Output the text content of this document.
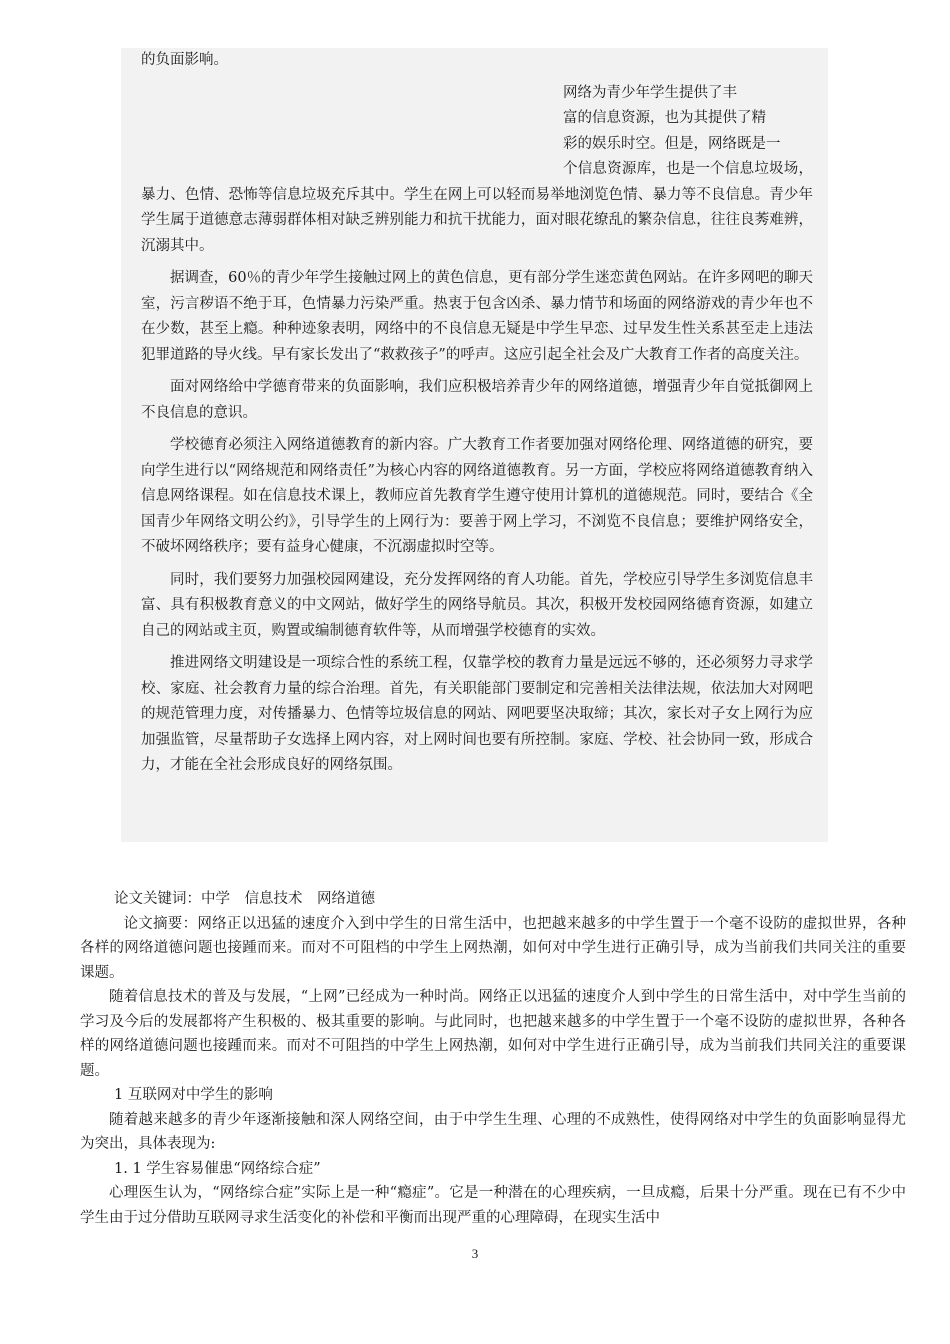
的负面影响。

网络为青少年学生提供了丰
富的信息资源，也为其提供了精
彩的娱乐时空。但是，网络既是一
个信息资源库，也是一个信息垃圾场，暴力、色情、恐怖等信息垃圾充斥其中。学生在网上可以轻而易举地浏览色情、暴力等不良信息。青少年学生属于道德意志薄弱群体相对缺乏辨别能力和抗干扰能力，面对眼花缭乱的繁杂信息，往往良莠难辨，沉溺其中。

据调查，60％的青少年学生接触过网上的黄色信息，更有部分学生迷恋黄色网站。在许多网吧的聊天室，污言秽语不绝于耳，色情暴力污染严重。热衷于包含凶杀、暴力情节和场面的网络游戏的青少年也不在少数，甚至上瘾。种种迹象表明，网络中的不良信息无疑是中学生早恋、过早发生性关系甚至走上违法犯罪道路的导火线。早有家长发出了“救救孩子”的呼声。这应引起全社会及广大教育工作者的高度关注。

面对网络给中学德育带来的负面影响，我们应积极培养青少年的网络道德，增强青少年自觉抵御网上不良信息的意识。

学校德育必须注入网络道德教育的新内容。广大教育工作者要加强对网络伦理、网络道德的研究，要向学生进行以“网络规范和网络责任”为核心内容的网络道德教育。另一方面，学校应将网络道德教育纳入信息网络课程。如在信息技术课上，教师应首先教育学生遵守使用计算机的道德规范。同时，要结合《全国青少年网络文明公约》，引导学生的上网行为：要善于网上学习，不浏览不良信息；要维护网络安全，不破坏网络秩序；要有益身心健康，不沉溺虚拟时空等。

同时，我们要努力加强校园网建设，充分发挥网络的育人功能。首先，学校应引导学生多浏览信息丰富、具有积极教育意义的中文网站，做好学生的网络导航员。其次，积极开发校园网络德育资源，如建立自己的网站或主页，购置或编制德育软件等，从而增强学校德育的实效。

推进网络文明建设是一项综合性的系统工程，仅靠学校的教育力量是远远不够的，还必须努力寻求学校、家庭、社会教育力量的综合治理。首先，有关职能部门要制定和完善相关法律法规，依法加大对网吧的规范管理力度，对传播暴力、色情等垃圾信息的网站、网吧要坚决取缔；其次，家长对子女上网行为应加强监管，尽量帮助子女选择上网内容，对上网时间也要有所控制。家庭、学校、社会协同一致，形成合力，才能在全社会形成良好的网络氛围。

论文关键词：中学　信息技术　网络道德

论文摘要：网络正以迅猛的速度介入到中学生的日常生活中，也把越来越多的中学生置于一个毫不设防的虚拟世界，各种各样的网络道德问题也接踵而来。而对不可阻档的中学生上网热潮，如何对中学生进行正确引导，成为当前我们共同关注的重要课题。

随着信息技术的普及与发展，“上网”已经成为一种时尚。网络正以迅猛的速度介人到中学生的日常生活中，对中学生当前的学习及今后的发展都将产生积极的、极其重要的影响。与此同时，也把越来越多的中学生置于一个毫不设防的虚拟世界，各种各样的网络道德问题也接踵而来。而对不可阻挡的中学生上网热潮，如何对中学生进行正确引导，成为当前我们共同关注的重要课题。

1 互联网对中学生的影响

随着越来越多的青少年逐渐接触和深人网络空间，由于中学生生理、心理的不成熟性，使得网络对中学生的负面影响显得尤为突出，具体表现为:

1. 1 学生容易催患“网络综合症”

心理医生认为，“网络综合症”实际上是一种“瘾症”。它是一种潜在的心理疾病，一旦成瘾，后果十分严重。现在已有不少中学生由于过分借助互联网寻求生活变化的补偿和平衡而出现严重的心理障碍，在现实生活中

3
